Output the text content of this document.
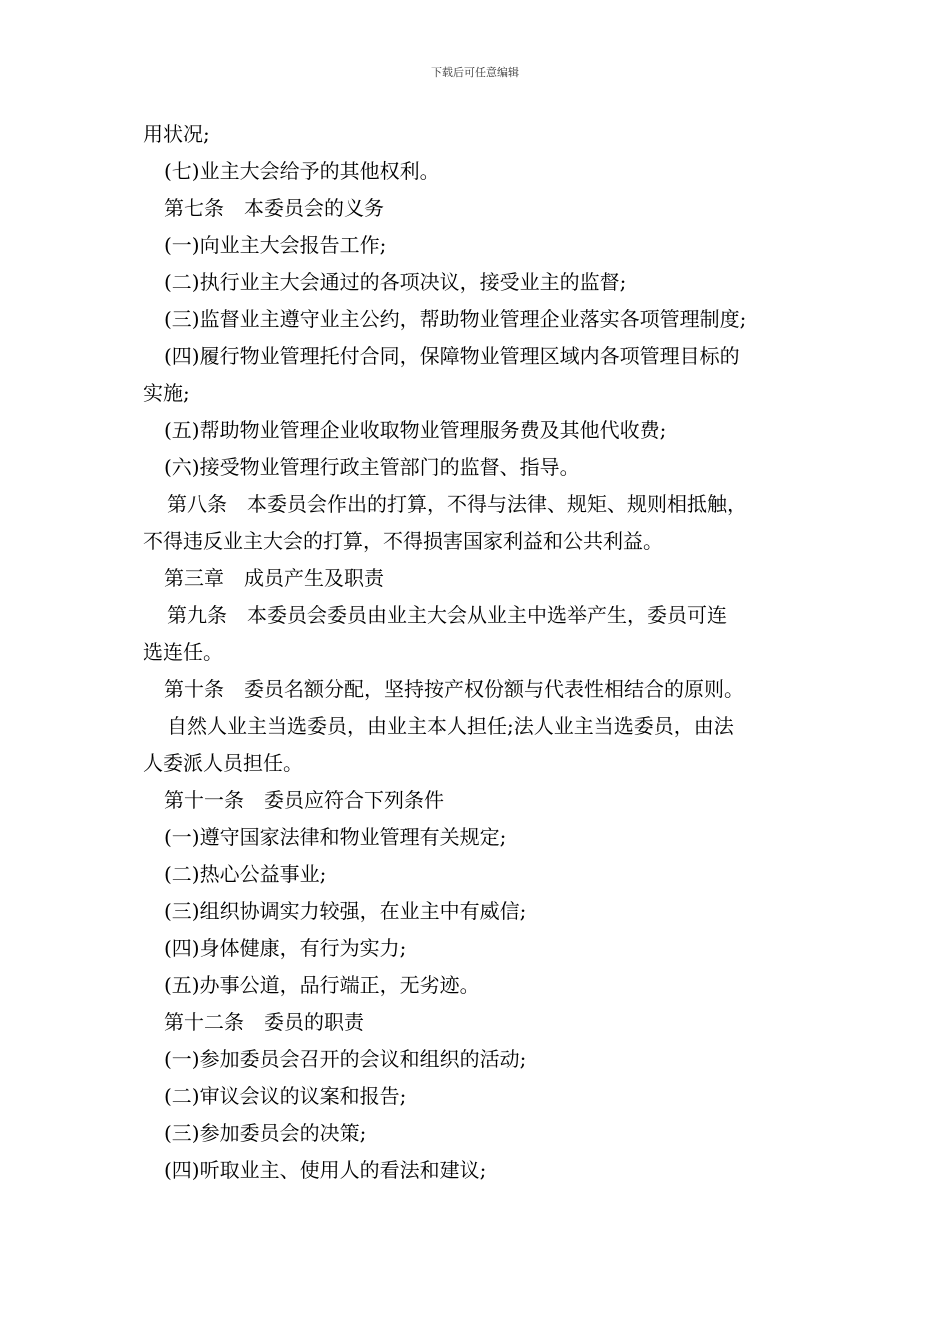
下载后可任意编辑
用状况;
(七)业主大会给予的其他权利。
第七条　本委员会的义务
(一)向业主大会报告工作;
(二)执行业主大会通过的各项决议，接受业主的监督;
(三)监督业主遵守业主公约，帮助物业管理企业落实各项管理制度;
(四)履行物业管理托付合同，保障物业管理区域内各项管理目标的
实施;
(五)帮助物业管理企业收取物业管理服务费及其他代收费;
(六)接受物业管理行政主管部门的监督、指导。
第八条　本委员会作出的打算，不得与法律、规矩、规则相抵触，
不得违反业主大会的打算，不得损害国家利益和公共利益。
第三章　成员产生及职责
第九条　本委员会委员由业主大会从业主中选举产生，委员可连
选连任。
第十条　委员名额分配，坚持按产权份额与代表性相结合的原则。
自然人业主当选委员，由业主本人担任;法人业主当选委员，由法
人委派人员担任。
第十一条　委员应符合下列条件
(一)遵守国家法律和物业管理有关规定;
(二)热心公益事业;
(三)组织协调实力较强，在业主中有威信;
(四)身体健康，有行为实力;
(五)办事公道，品行端正，无劣迹。
第十二条　委员的职责
(一)参加委员会召开的会议和组织的活动;
(二)审议会议的议案和报告;
(三)参加委员会的决策;
(四)听取业主、使用人的看法和建议;
